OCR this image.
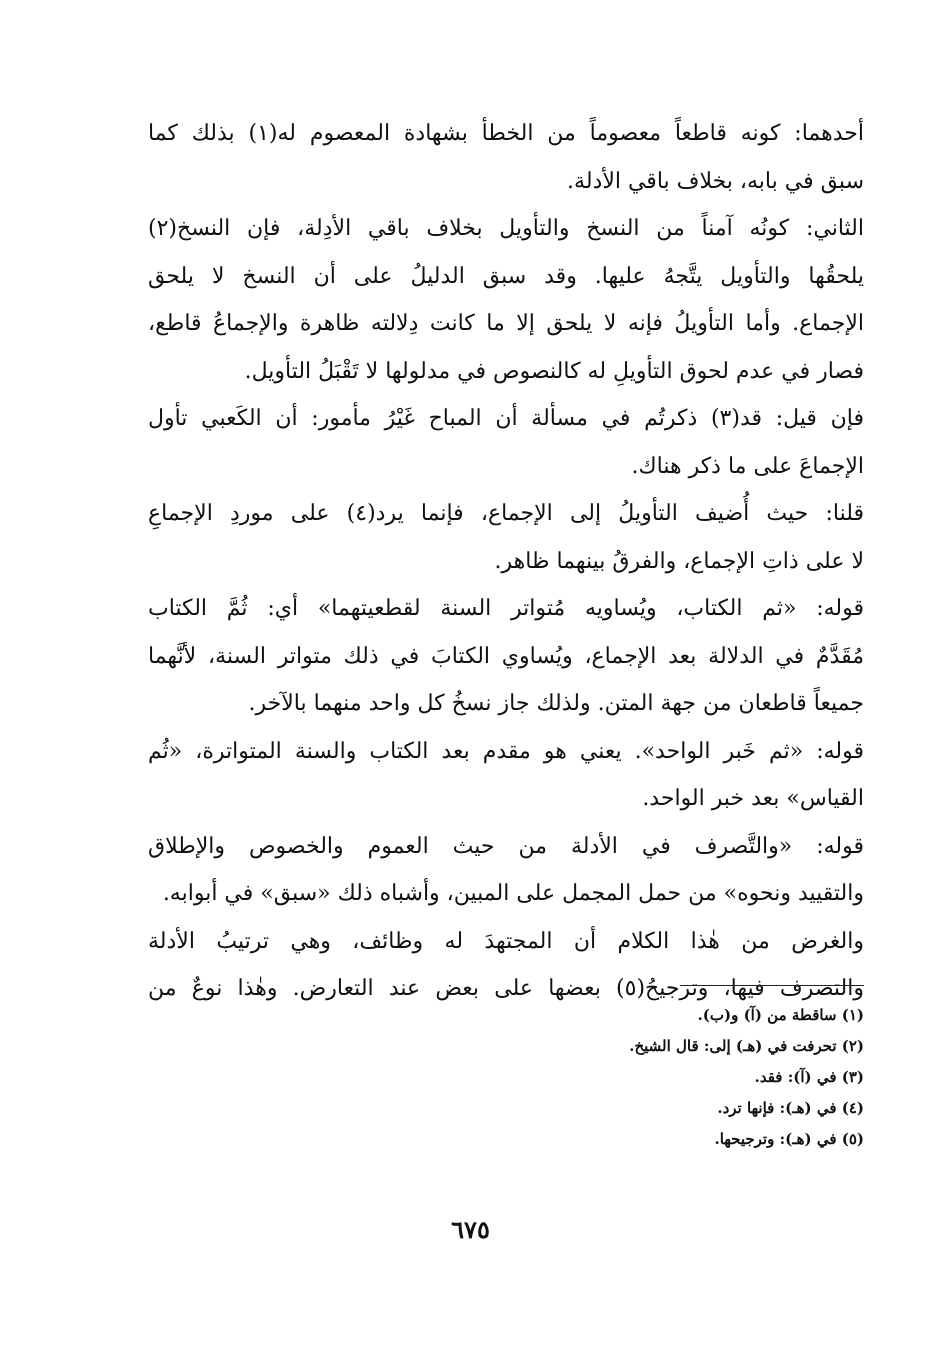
أحدهما: كونه قاطعاً معصوماً من الخطأ بشهادة المعصوم له(١) بذلك كما
سبق في بابه، بخلاف باقي الأدلة.
الثاني: كونُه آمناً من النسخ والتأويل بخلاف باقي الأدِلة، فإن النسخ(٢)
يلحقُها والتأويل يتَّجهُ عليها. وقد سبق الدليلُ على أن النسخ لا يلحق
الإجماع. وأما التأويلُ فإنه لا يلحق إلا ما كانت دِلالته ظاهرة والإجماعُ قاطع،
فصار في عدم لحوق التأويلِ له كالنصوص في مدلولها لا تَقْبَلُ التأويل.
فإن قيل: قد(٣) ذكرتُم في مسألة أن المباح غَيْرُ مأمور: أن الكَعبي تأول
الإجماعَ على ما ذكر هناك.
قلنا: حيث أُضيف التأويلُ إلى الإجماع، فإنما يرد(٤) على موردِ الإجماعِ
لا على ذاتِ الإجماع، والفرقُ بينهما ظاهر.
قوله: «ثم الكتاب، ويُساويه مُتواتر السنة لقطعيتهما» أي: ثُمَّ الكتاب
مُقَدَّمٌ في الدلالة بعد الإجماع، ويُساوي الكتابَ في ذلك متواتر السنة، لأنَّهما
جميعاً قاطعان من جهة المتن. ولذلك جاز نسخُ كل واحد منهما بالآخر.
قوله: «ثم خَبر الواحد». يعني هو مقدم بعد الكتاب والسنة المتواترة، «ثُم
القياس» بعد خبر الواحد.
قوله: «والتَّصرف في الأدلة من حيث العموم والخصوص والإطلاق
والتقييد ونحوه» من حمل المجمل على المبين، وأشباه ذلك «سبق» في أبوابه.
والغرض من هٰذا الكلام أن المجتهدَ له وظائف، وهي ترتيبُ الأدلة
والتصرف فيها، وترجيحُ(٥) بعضها على بعض عند التعارض. وهٰذا نوعٌ من
(١) ساقطة من (آ) و(ب).
(٢) تحرفت في (هـ) إلى: قال الشيخ.
(٣) في (آ): فقد.
(٤) في (هـ): فإنها ترد.
(٥) في (هـ): وترجيحها.
٦٧٥
